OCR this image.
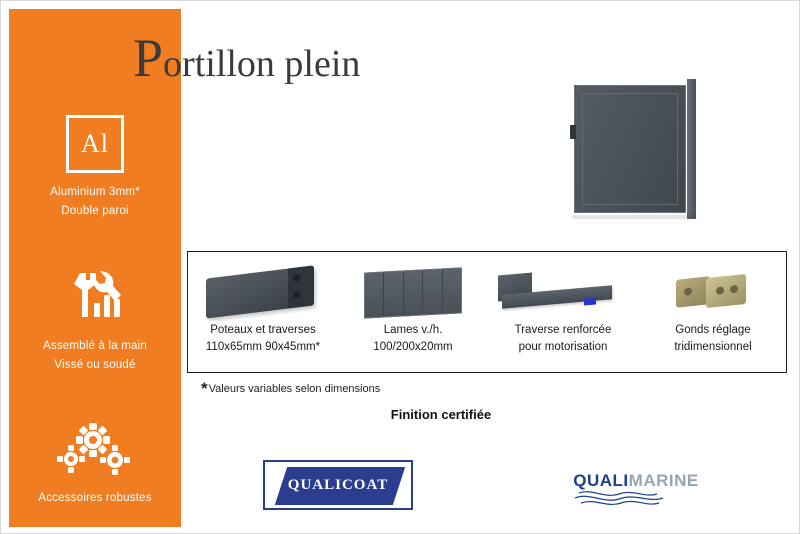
Al
Aluminium 3mm*
Double paroi
Assemblé à la main
Vissé ou soudé
Accessoires robustes
Portillon plein
Poteaux et traverses
110x65mm 90x45mm*
Lames v./h.
100/200x20mm
Traverse renforcée
pour motorisation
Gonds réglage
tridimensionnel
*Valeurs variables selon dimensions
Finition certifiée
QUALICOAT	QUALIMARINE
